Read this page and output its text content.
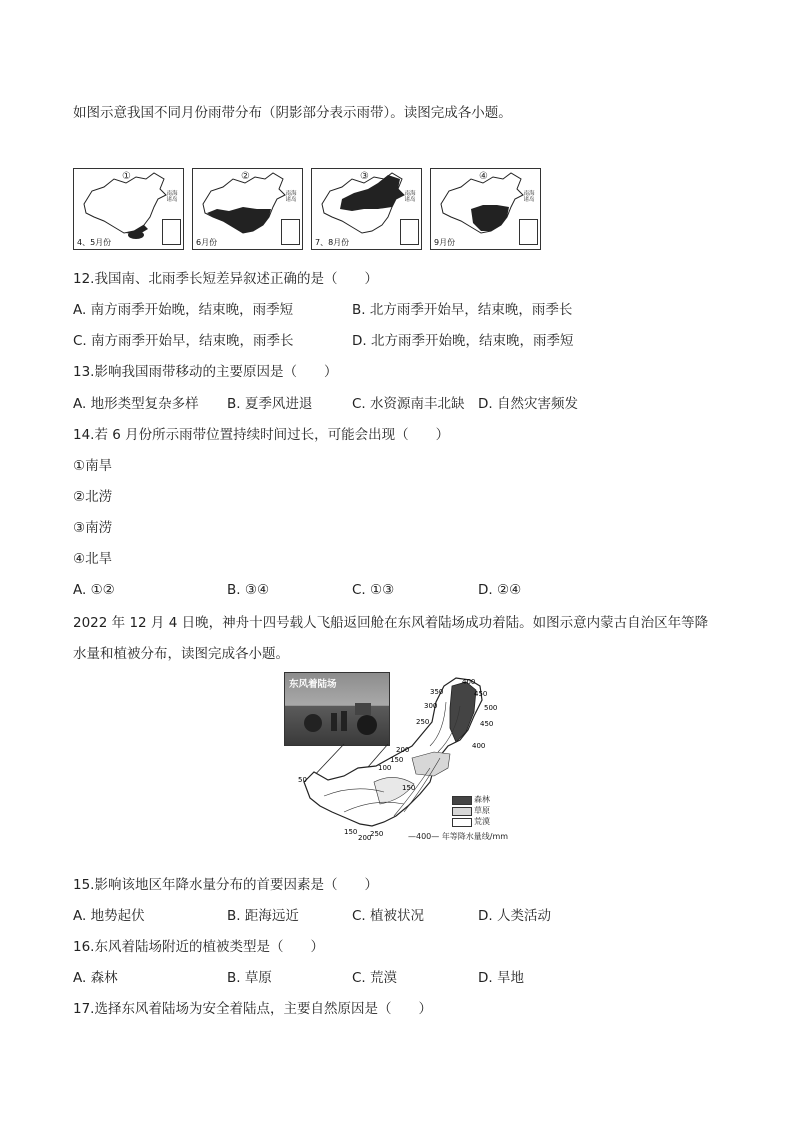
如图示意我国不同月份雨带分布（阴影部分表示雨带）。读图完成各小题。
①
4、5月份
南海诸岛
②
6月份
南海诸岛
③
7、8月份
南海诸岛
④
9月份
南海诸岛
12.我国南、北雨季长短差异叙述正确的是（　　）
A. 南方雨季开始晚，结束晚，雨季短	B. 北方雨季开始早，结束晚，雨季长
C. 南方雨季开始早，结束晚，雨季长	D. 北方雨季开始晚，结束晚，雨季短
13.影响我国雨带移动的主要原因是（　　）
A. 地形类型复杂多样 B. 夏季风进退	C. 水资源南丰北缺 D. 自然灾害频发
14.若 6 月份所示雨带位置持续时间过长，可能会出现（　　）
①南旱
②北涝
③南涝
④北旱
A. ①②	B. ③④	C. ①③	D. ②④
2022 年 12 月 4 日晚，神舟十四号载人飞船返回舱在东风着陆场成功着陆。如图示意内蒙古自治区年等降
水量和植被分布，读图完成各小题。
东风着陆场
350
400
450
500
450
400
300
250
200
150
100
50
150
200
250
150
森林
草原
荒漠
—400— 年等降水量线/mm
15.影响该地区年降水量分布的首要因素是（　　）
A. 地势起伏	B. 距海远近	C. 植被状况	D. 人类活动
16.东风着陆场附近的植被类型是（　　）
A. 森林	B. 草原	C. 荒漠	D. 旱地
17.选择东风着陆场为安全着陆点，主要自然原因是（　　）
